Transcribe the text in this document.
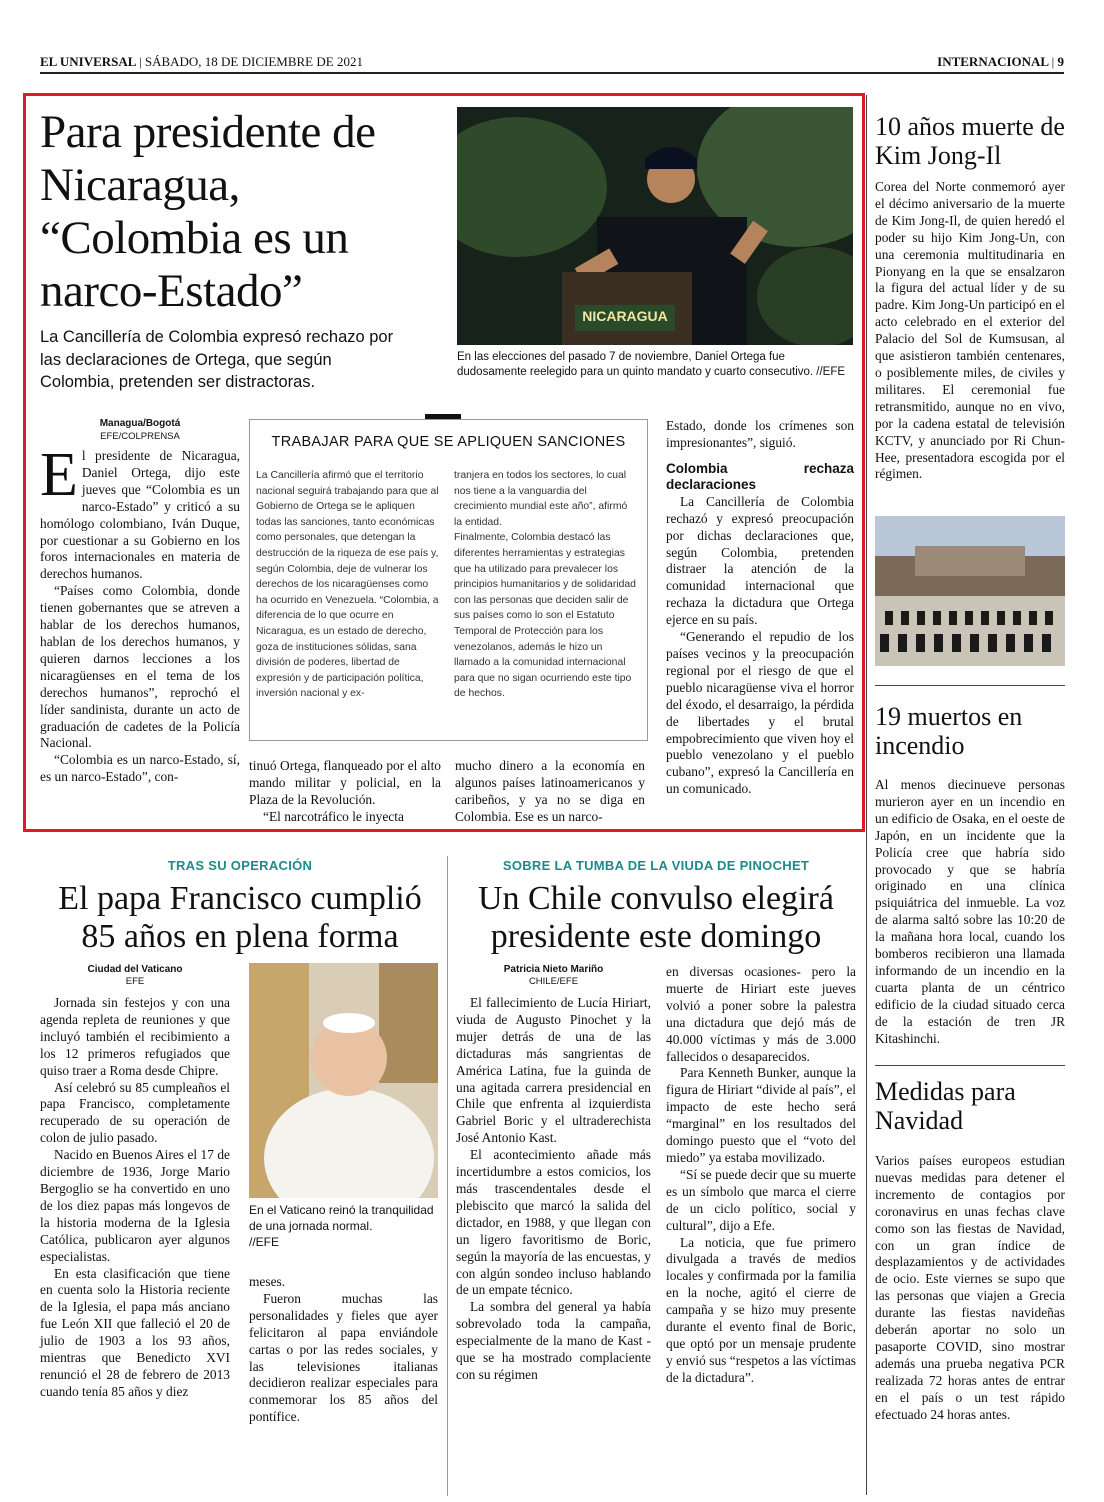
EL UNIVERSAL | SÁBADO, 18 DE DICIEMBRE DE 2021	INTERNACIONAL | 9
Para presidente de Nicaragua, “Colombia es un narco-Estado”
La Cancillería de Colombia expresó rechazo por las declaraciones de Ortega, que según Colombia, pretenden ser distractoras.
NICARAGUA
En las elecciones del pasado 7 de noviembre, Daniel Ortega fue dudosamente reelegido para un quinto mandato y cuarto consecutivo. //EFE
Managua/Bogotá
EFE/COLPRENSA
E l presidente de Nicaragua, Daniel Ortega, dijo este jueves que “Colombia es un narco-Estado” y criticó a su homólogo colombiano, Iván Duque, por cuestionar a su Gobierno en los foros internacionales en materia de derechos humanos.

“Países como Colombia, donde tienen gobernantes que se atreven a hablar de los derechos humanos, hablan de los derechos humanos, y quieren darnos lecciones a los nicaragüenses en el tema de los derechos humanos”, reprochó el líder sandinista, durante un acto de graduación de cadetes de la Policía Nacional.

“Colombia es un narco-Estado, sí, es un narco-Estado”, con-

TRABAJAR PARA QUE SE APLIQUEN SANCIONES

La Cancillería afirmó que el territorio nacional seguirá trabajando para que al Gobierno de Ortega se le apliquen todas las sanciones, tanto económicas como personales, que detengan la destrucción de la riqueza de ese país y, según Colombia, deje de vulnerar los derechos de los nicaragüenses como ha ocurrido en Venezuela. “Colombia, a diferencia de lo que ocurre en Nicaragua, es un estado de derecho, goza de instituciones sólidas, sana división de poderes, libertad de expresión y de participación política, inversión nacional y ex-

tranjera en todos los sectores, lo cual nos tiene a la vanguardia del crecimiento mundial este año”, afirmó la entidad.

Finalmente, Colombia destacó las diferentes herramientas y estrategias que ha utilizado para prevalecer los principios humanitarios y de solidaridad con las personas que deciden salir de sus países como lo son el Estatuto Temporal de Protección para los venezolanos, además le hizo un llamado a la comunidad internacional para que no sigan ocurriendo este tipo de hechos.

tinuó Ortega, flanqueado por el alto mando militar y policial, en la Plaza de la Revolución.

“El narcotráfico le inyecta

mucho dinero a la economía en algunos países latinoamericanos y caribeños, y ya no se diga en Colombia. Ese es un narco-

Estado, donde los crímenes son impresionantes”, siguió.

Colombia rechaza declaraciones

La Cancillería de Colombia rechazó y expresó preocupación por dichas declaraciones que, según Colombia, pretenden distraer la atención de la comunidad internacional que rechaza la dictadura que Ortega ejerce en su país.

“Generando el repudio de los países vecinos y la preocupación regional por el riesgo de que el pueblo nicaragüense viva el horror del éxodo, el desarraigo, la pérdida de libertades y el brutal empobrecimiento que viven hoy el pueblo venezolano y el pueblo cubano”, expresó la Cancillería en un comunicado.

10 años muerte de Kim Jong-Il

Corea del Norte conmemoró ayer el décimo aniversario de la muerte de Kim Jong-Il, de quien heredó el poder su hijo Kim Jong-Un, con una ceremonia multitudinaria en Pionyang en la que se ensalzaron la figura del actual líder y de su padre. Kim Jong-Un participó en el acto celebrado en el exterior del Palacio del Sol de Kumsusan, al que asistieron también centenares, o posiblemente miles, de civiles y militares. El ceremonial fue retransmitido, aunque no en vivo, por la cadena estatal de televisión KCTV, y anunciado por Ri Chun-Hee, presentadora escogida por el régimen.

19 muertos en incendio

Al menos diecinueve personas murieron ayer en un incendio en un edificio de Osaka, en el oeste de Japón, en un incidente que la Policía cree que habría sido provocado y que se habría originado en una clínica psiquiátrica del inmueble. La voz de alarma saltó sobre las 10:20 de la mañana hora local, cuando los bomberos recibieron una llamada informando de un incendio en la cuarta planta de un céntrico edificio de la ciudad situado cerca de la estación de tren JR Kitashinchi.

Medidas para Navidad

Varios países europeos estudian nuevas medidas para detener el incremento de contagios por coronavirus en unas fechas clave como son las fiestas de Navidad, con un gran índice de desplazamientos y de actividades de ocio. Este viernes se supo que las personas que viajen a Grecia durante las fiestas navideñas deberán aportar no solo un pasaporte COVID, sino mostrar además una prueba negativa PCR realizada 72 horas antes de entrar en el país o un test rápido efectuado 24 horas antes.

TRAS SU OPERACIÓN
El papa Francisco cumplió 85 años en plena forma
Ciudad del Vaticano
EFE

Jornada sin festejos y con una agenda repleta de reuniones y que incluyó también el recibimiento a los 12 primeros refugiados que quiso traer a Roma desde Chipre.

Así celebró su 85 cumpleaños el papa Francisco, completamente recuperado de su operación de colon de julio pasado.

Nacido en Buenos Aires el 17 de diciembre de 1936, Jorge Mario Bergoglio se ha convertido en uno de los diez papas más longevos de la historia moderna de la Iglesia Católica, publicaron ayer algunos especialistas.

En esta clasificación que tiene en cuenta solo la Historia reciente de la Iglesia, el papa más anciano fue León XII que falleció el 20 de julio de 1903 a los 93 años, mientras que Benedicto XVI renunció el 28 de febrero de 2013 cuando tenía 85 años y diez

En el Vaticano reinó la tranquilidad de una jornada normal.
//EFE

meses.

Fueron muchas las personalidades y fieles que ayer felicitaron al papa enviándole cartas o por las redes sociales, y las televisiones italianas decidieron realizar especiales para conmemorar los 85 años del pontífice.

SOBRE LA TUMBA DE LA VIUDA DE PINOCHET
Un Chile convulso elegirá presidente este domingo
Patricia Nieto Mariño
CHILE/EFE

El fallecimiento de Lucía Hiriart, viuda de Augusto Pinochet y la mujer detrás de una de las dictaduras más sangrientas de América Latina, fue la guinda de una agitada carrera presidencial en Chile que enfrenta al izquierdista Gabriel Boric y el ultraderechista José Antonio Kast.

El acontecimiento añade más incertidumbre a estos comicios, los más trascendentales desde el plebiscito que marcó la salida del dictador, en 1988, y que llegan con un ligero favoritismo de Boric, según la mayoría de las encuestas, y con algún sondeo incluso hablando de un empate técnico.

La sombra del general ya había sobrevolado toda la campaña, especialmente de la mano de Kast -que se ha mostrado complaciente con su régimen

en diversas ocasiones- pero la muerte de Hiriart este jueves volvió a poner sobre la palestra una dictadura que dejó más de 40.000 víctimas y más de 3.000 fallecidos o desaparecidos.

Para Kenneth Bunker, aunque la figura de Hiriart “divide al país”, el impacto de este hecho será “marginal” en los resultados del domingo puesto que el “voto del miedo” ya estaba movilizado.

“Sí se puede decir que su muerte es un símbolo que marca el cierre de un ciclo político, social y cultural”, dijo a Efe.

La noticia, que fue primero divulgada a través de medios locales y confirmada por la familia en la noche, agitó el cierre de campaña y se hizo muy presente durante el evento final de Boric, que optó por un mensaje prudente y envió sus “respetos a las víctimas de la dictadura”.
